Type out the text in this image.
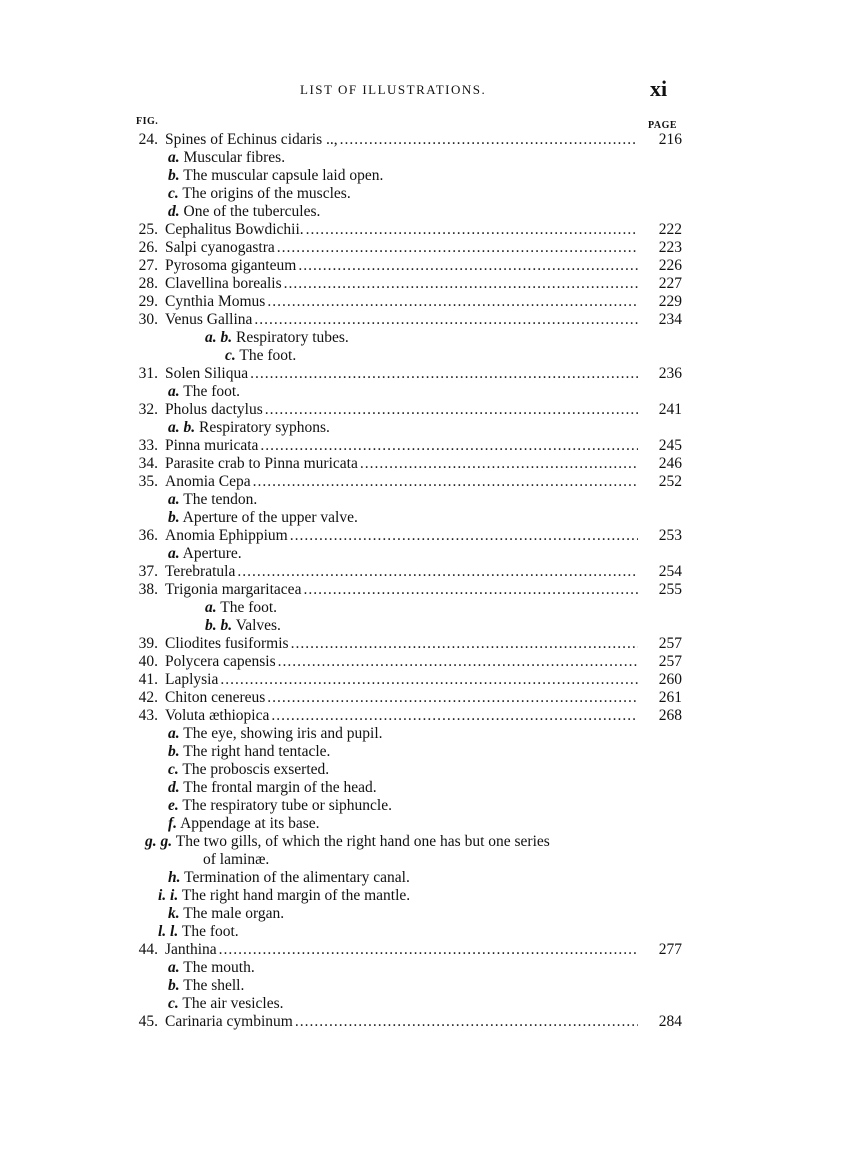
LIST OF ILLUSTRATIONS.	xi
FIG.	PAGE
24. Spines of Echinus cidaris .., .....	216
a. Muscular fibres.
b. The muscular capsule laid open.
c. The origins of the muscles.
d. One of the tubercules.
25. Cephalitus Bowdichii. .....	222
26. Salpi cyanogastra .....	223
27. Pyrosoma giganteum .....	226
28. Clavellina borealis .....	227
29. Cynthia Momus .....	229
30. Venus Gallina .....	234
a. b. Respiratory tubes.
c. The foot.
31. Solen Siliqua .....	236
a. The foot.
32. Pholus dactylus .....	241
a. b. Respiratory syphons.
33. Pinna muricata .....	245
34. Parasite crab to Pinna muricata .....	246
35. Anomia Cepa .....	252
a. The tendon.
b. Aperture of the upper valve.
36. Anomia Ephippium .....	253
a. Aperture.
37. Terebratula .....	254
38. Trigonia margaritacea .....	255
a. The foot.
b. b. Valves.
39. Cliodites fusiformis .....	257
40. Polycera capensis .....	257
41. Laplysia .....	260
42. Chiton cenereus .....	261
43. Voluta æthiopica .....	268
a. The eye, showing iris and pupil.
b. The right hand tentacle.
c. The proboscis exserted.
d. The frontal margin of the head.
e. The respiratory tube or siphuncle.
f. Appendage at its base.
g. g. The two gills, of which the right hand one has but one series
of laminæ.
h. Termination of the alimentary canal.
i. i. The right hand margin of the mantle.
k. The male organ.
l. l. The foot.
44. Janthina .....	277
a. The mouth.
b. The shell.
c. The air vesicles.
45. Carinaria cymbinum .....	284
